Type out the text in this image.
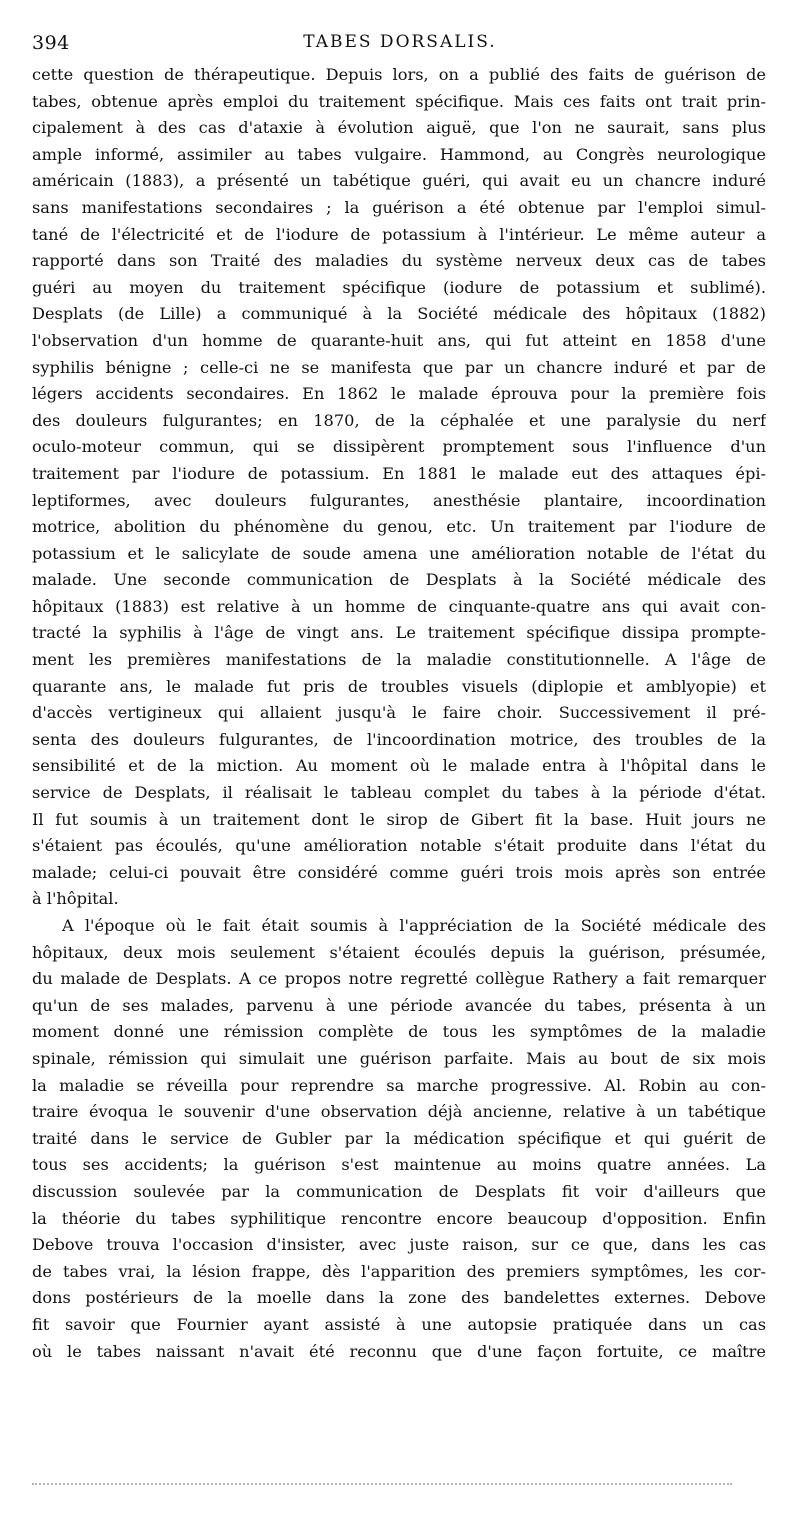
394	TABES DORSALIS.
cette question de thérapeutique. Depuis lors, on a publié des faits de guérison de
tabes, obtenue après emploi du traitement spécifique. Mais ces faits ont trait prin-
cipalement à des cas d'ataxie à évolution aiguë, que l'on ne saurait, sans plus
ample informé, assimiler au tabes vulgaire. Hammond, au Congrès neurologique
américain (1883), a présenté un tabétique guéri, qui avait eu un chancre induré
sans manifestations secondaires ; la guérison a été obtenue par l'emploi simul-
tané de l'électricité et de l'iodure de potassium à l'intérieur. Le même auteur a
rapporté dans son Traité des maladies du système nerveux deux cas de tabes
guéri au moyen du traitement spécifique (iodure de potassium et sublimé).
Desplats (de Lille) a communiqué à la Société médicale des hôpitaux (1882)
l'observation d'un homme de quarante-huit ans, qui fut atteint en 1858 d'une
syphilis bénigne ; celle-ci ne se manifesta que par un chancre induré et par de
légers accidents secondaires. En 1862 le malade éprouva pour la première fois
des douleurs fulgurantes; en 1870, de la céphalée et une paralysie du nerf
oculo-moteur commun, qui se dissipèrent promptement sous l'influence d'un
traitement par l'iodure de potassium. En 1881 le malade eut des attaques épi-
leptiformes, avec douleurs fulgurantes, anesthésie plantaire, incoordination
motrice, abolition du phénomène du genou, etc. Un traitement par l'iodure de
potassium et le salicylate de soude amena une amélioration notable de l'état du
malade. Une seconde communication de Desplats à la Société médicale des
hôpitaux (1883) est relative à un homme de cinquante-quatre ans qui avait con-
tracté la syphilis à l'âge de vingt ans. Le traitement spécifique dissipa prompte-
ment les premières manifestations de la maladie constitutionnelle. A l'âge de
quarante ans, le malade fut pris de troubles visuels (diplopie et amblyopie) et
d'accès vertigineux qui allaient jusqu'à le faire choir. Successivement il pré-
senta des douleurs fulgurantes, de l'incoordination motrice, des troubles de la
sensibilité et de la miction. Au moment où le malade entra à l'hôpital dans le
service de Desplats, il réalisait le tableau complet du tabes à la période d'état.
Il fut soumis à un traitement dont le sirop de Gibert fit la base. Huit jours ne
s'étaient pas écoulés, qu'une amélioration notable s'était produite dans l'état du
malade; celui-ci pouvait être considéré comme guéri trois mois après son entrée
à l'hôpital.
A l'époque où le fait était soumis à l'appréciation de la Société médicale des
hôpitaux, deux mois seulement s'étaient écoulés depuis la guérison, présumée,
du malade de Desplats. A ce propos notre regretté collègue Rathery a fait remarquer
qu'un de ses malades, parvenu à une période avancée du tabes, présenta à un
moment donné une rémission complète de tous les symptômes de la maladie
spinale, rémission qui simulait une guérison parfaite. Mais au bout de six mois
la maladie se réveilla pour reprendre sa marche progressive. Al. Robin au con-
traire évoqua le souvenir d'une observation déjà ancienne, relative à un tabétique
traité dans le service de Gubler par la médication spécifique et qui guérit de
tous ses accidents; la guérison s'est maintenue au moins quatre années. La
discussion soulevée par la communication de Desplats fit voir d'ailleurs que
la théorie du tabes syphilitique rencontre encore beaucoup d'opposition. Enfin
Debove trouva l'occasion d'insister, avec juste raison, sur ce que, dans les cas
de tabes vrai, la lésion frappe, dès l'apparition des premiers symptômes, les cor-
dons postérieurs de la moelle dans la zone des bandelettes externes. Debove
fit savoir que Fournier ayant assisté à une autopsie pratiquée dans un cas
où le tabes naissant n'avait été reconnu que d'une façon fortuite, ce maître
